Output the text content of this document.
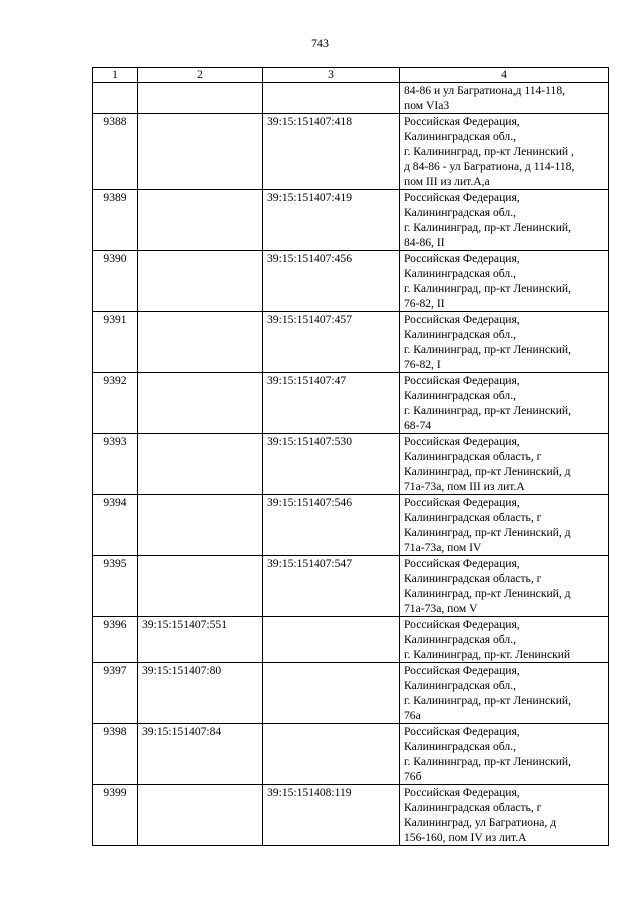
743
1	2	3	4
			84-86 и ул Багратиона,д 114-118,
пом VIа3
9388		39:15:151407:418	Российская Федерация,
Калининградская обл.,
г. Калининград, пр-кт Ленинский ,
д 84-86 - ул Багратиона, д 114-118,
пом III из лит.А,а
9389		39:15:151407:419	Российская Федерация,
Калининградская обл.,
г. Калининград, пр-кт Ленинский,
84-86, II
9390		39:15:151407:456	Российская Федерация,
Калининградская обл.,
г. Калининград, пр-кт Ленинский,
76-82, II
9391		39:15:151407:457	Российская Федерация,
Калининградская обл.,
г. Калининград, пр-кт Ленинский,
76-82, I
9392		39:15:151407:47	Российская Федерация,
Калининградская обл.,
г. Калининград, пр-кт Ленинский,
68-74
9393		39:15:151407:530	Российская Федерация,
Калининградская область, г
Калининград, пр-кт Ленинский, д
71а-73а, пом III из лит.А
9394		39:15:151407:546	Российская Федерация,
Калининградская область, г
Калининград, пр-кт Ленинский, д
71а-73а, пом IV
9395		39:15:151407:547	Российская Федерация,
Калининградская область, г
Калининград, пр-кт Ленинский, д
71а-73а, пом V
9396	39:15:151407:551		Российская Федерация,
Калининградская обл.,
г. Калининград, пр-кт. Ленинский
9397	39:15:151407:80		Российская Федерация,
Калининградская обл.,
г. Калининград, пр-кт Ленинский,
76а
9398	39:15:151407:84		Российская Федерация,
Калининградская обл.,
г. Калининград, пр-кт Ленинский,
76б
9399		39:15:151408:119	Российская Федерация,
Калининградская область, г
Калининград, ул Багратиона, д
156-160, пом IV из лит.А
